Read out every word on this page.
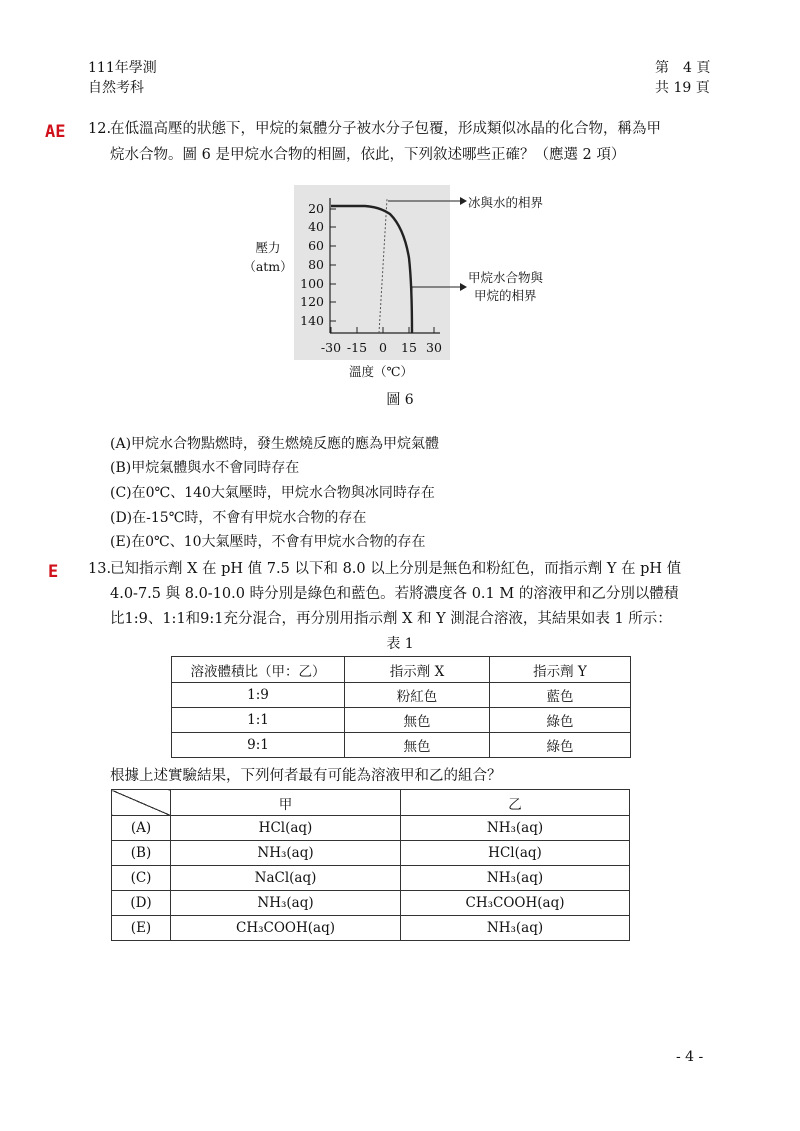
111年學測
自然考科
第　4 頁
共 19 頁
AE 12.
在低溫高壓的狀態下，甲烷的氣體分子被水分子包覆，形成類似冰晶的化合物，稱為甲
烷水合物。圖 6 是甲烷水合物的相圖，依此，下列敘述哪些正確？（應選 2 項）
20
40
60
80
100
120
140
-30 -15 0	15 30
壓力
（atm）
溫度（℃）
冰與水的相界
甲烷水合物與
甲烷的相界
圖 6
(A)甲烷水合物點燃時，發生燃燒反應的應為甲烷氣體
(B)甲烷氣體與水不會同時存在
(C)在0℃、140大氣壓時，甲烷水合物與冰同時存在
(D)在-15℃時，不會有甲烷水合物的存在
(E)在0℃、10大氣壓時，不會有甲烷水合物的存在
E 13.
已知指示劑 X 在 pH 值 7.5 以下和 8.0 以上分別是無色和粉紅色，而指示劑 Y 在 pH 值
4.0-7.5 與 8.0-10.0 時分別是綠色和藍色。若將濃度各 0.1 M 的溶液甲和乙分別以體積
比1:9、1:1和9:1充分混合，再分別用指示劑 X 和 Y 測混合溶液，其結果如表 1 所示：
表 1
溶液體積比（甲：乙）	指示劑 X	指示劑 Y
1:9	粉紅色	藍色
1:1	無色	綠色
9:1	無色	綠色
根據上述實驗結果，下列何者最有可能為溶液甲和乙的組合？
	甲	乙
(A)	HCl(aq)	NH₃(aq)
(B)	NH₃(aq)	HCl(aq)
(C)	NaCl(aq)	NH₃(aq)
(D)	NH₃(aq)	CH₃COOH(aq)
(E)	CH₃COOH(aq)	NH₃(aq)
- 4 -
